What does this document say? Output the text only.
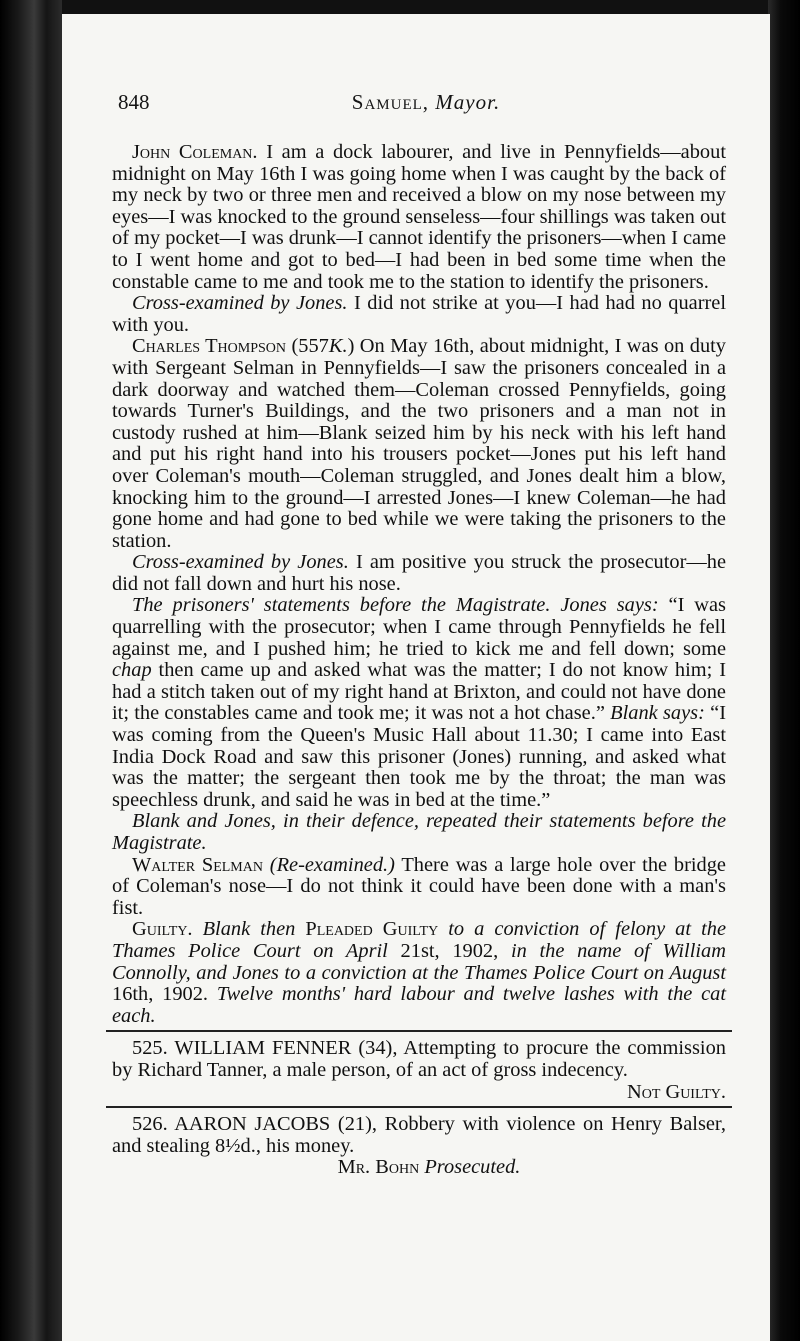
848	Samuel, Mayor.

John Coleman. I am a dock labourer, and live in Pennyfields—about midnight on May 16th I was going home when I was caught by the back of my neck by two or three men and received a blow on my nose between my eyes—I was knocked to the ground senseless—four shillings was taken out of my pocket—I was drunk—I cannot identify the prisoners—when I came to I went home and got to bed—I had been in bed some time when the constable came to me and took me to the station to identify the prisoners.

Cross-examined by Jones. I did not strike at you—I had had no quarrel with you.

Charles Thompson (557K.) On May 16th, about midnight, I was on duty with Sergeant Selman in Pennyfields—I saw the prisoners concealed in a dark doorway and watched them—Coleman crossed Pennyfields, going towards Turner's Buildings, and the two prisoners and a man not in custody rushed at him—Blank seized him by his neck with his left hand and put his right hand into his trousers pocket—Jones put his left hand over Coleman's mouth—Coleman struggled, and Jones dealt him a blow, knocking him to the ground—I arrested Jones—I knew Coleman—he had gone home and had gone to bed while we were taking the prisoners to the station.

Cross-examined by Jones. I am positive you struck the prosecutor—he did not fall down and hurt his nose.

The prisoners' statements before the Magistrate. Jones says: “I was quarrelling with the prosecutor; when I came through Pennyfields he fell against me, and I pushed him; he tried to kick me and fell down; some chap then came up and asked what was the matter; I do not know him; I had a stitch taken out of my right hand at Brixton, and could not have done it; the constables came and took me; it was not a hot chase.” Blank says: “I was coming from the Queen's Music Hall about 11.30; I came into East India Dock Road and saw this prisoner (Jones) running, and asked what was the matter; the sergeant then took me by the throat; the man was speechless drunk, and said he was in bed at the time.”

Blank and Jones, in their defence, repeated their statements before the Magistrate.

Walter Selman (Re-examined.) There was a large hole over the bridge of Coleman's nose—I do not think it could have been done with a man's fist.

Guilty. Blank then Pleaded Guilty to a conviction of felony at the Thames Police Court on April 21st, 1902, in the name of William Connolly, and Jones to a conviction at the Thames Police Court on August 16th, 1902. Twelve months' hard labour and twelve lashes with the cat each.

525. WILLIAM FENNER (34), Attempting to procure the commission by Richard Tanner, a male person, of an act of gross indecency.

Not Guilty.

526. AARON JACOBS (21), Robbery with violence on Henry Balser, and stealing 8½d., his money.

Mr. Bohn Prosecuted.
